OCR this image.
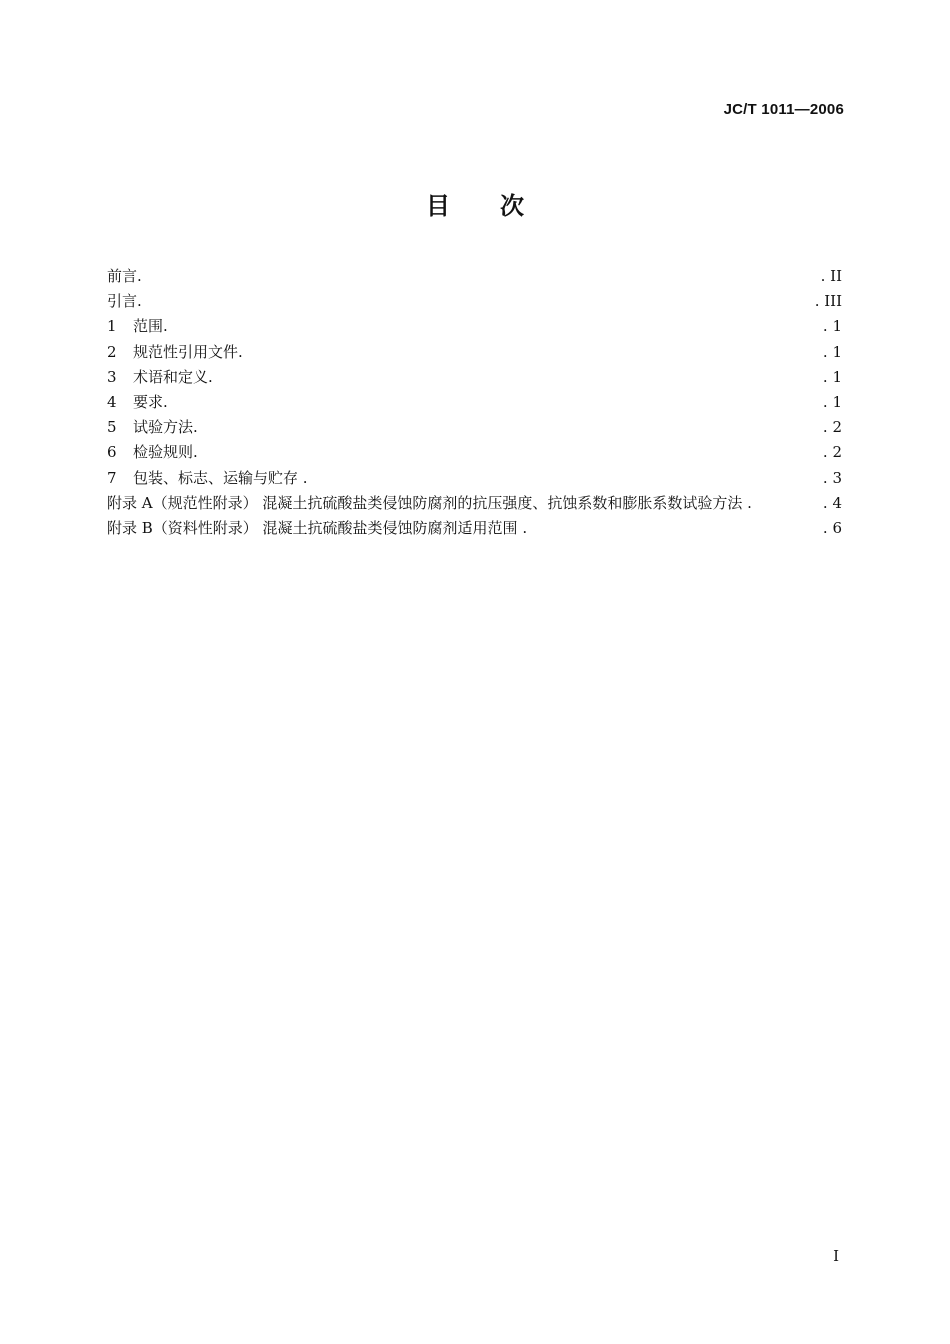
JC/T 1011—2006
目次
前言.	. II
引言.	. III
1	范围.	. 1
2	规范性引用文件.	. 1
3	术语和定义.	. 1
4	要求.	. 1
5	试验方法.	. 2
6	检验规则.	. 2
7	包装、标志、运输与贮存 .	. 3
附录 A（规范性附录） 混凝土抗硫酸盐类侵蚀防腐剂的抗压强度、抗蚀系数和膨胀系数试验方法 .	. 4
附录 B（资料性附录） 混凝土抗硫酸盐类侵蚀防腐剂适用范围 .	. 6
I
